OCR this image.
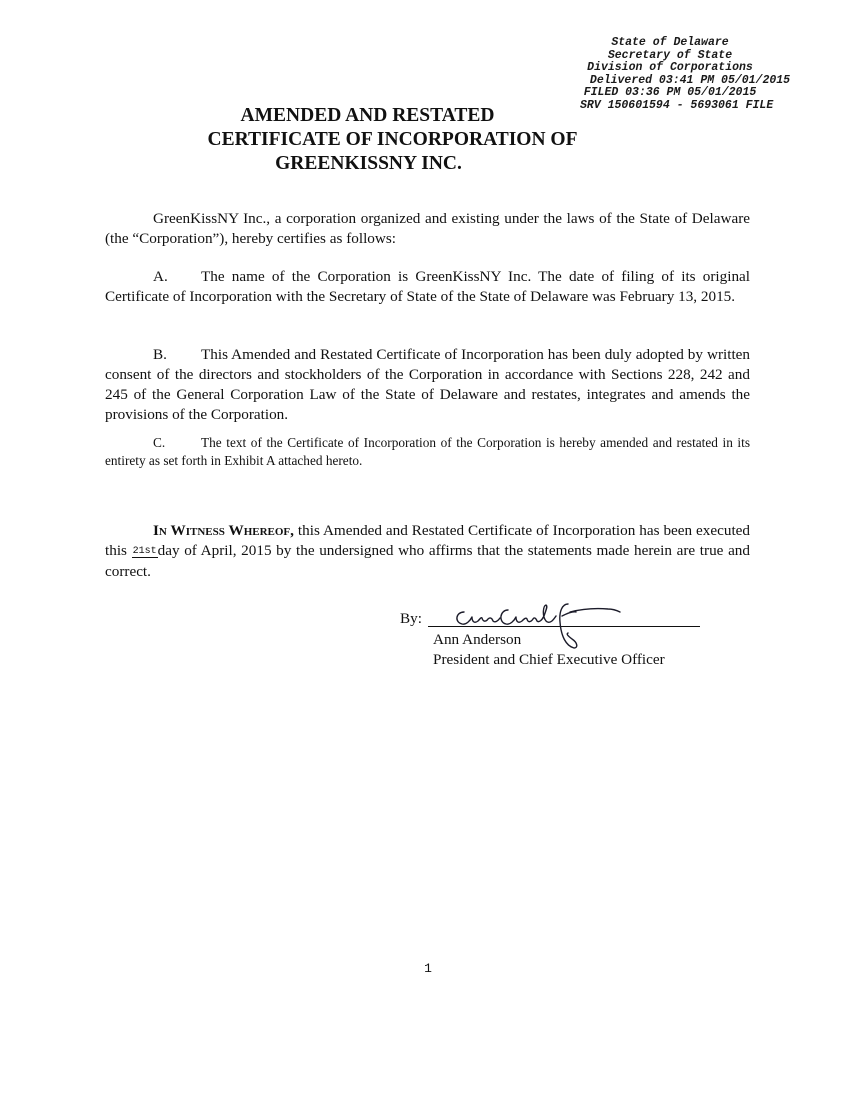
State of Delaware
Secretary of State
Division of Corporations
Delivered 03:41 PM 05/01/2015
FILED 03:36 PM 05/01/2015
SRV 150601594 - 5693061 FILE
AMENDED AND RESTATED
CERTIFICATE OF INCORPORATION OF
GREENKISSNY INC.
GreenKissNY Inc., a corporation organized and existing under the laws of the State of Delaware (the “Corporation”), hereby certifies as follows:
A. The name of the Corporation is GreenKissNY Inc. The date of filing of its original Certificate of Incorporation with the Secretary of State of the State of Delaware was February 13, 2015.
B. This Amended and Restated Certificate of Incorporation has been duly adopted by written consent of the directors and stockholders of the Corporation in accordance with Sections 228, 242 and 245 of the General Corporation Law of the State of Delaware and restates, integrates and amends the provisions of the Corporation.
C.	The text of the Certificate of Incorporation of the Corporation is hereby amended and restated in its entirety as set forth in Exhibit A attached hereto.
In Witness Whereof, this Amended and Restated Certificate of Incorporation has been executed this 21stday of April, 2015 by the undersigned who affirms that the statements made herein are true and correct.
By:
Ann Anderson
President and Chief Executive Officer
1
